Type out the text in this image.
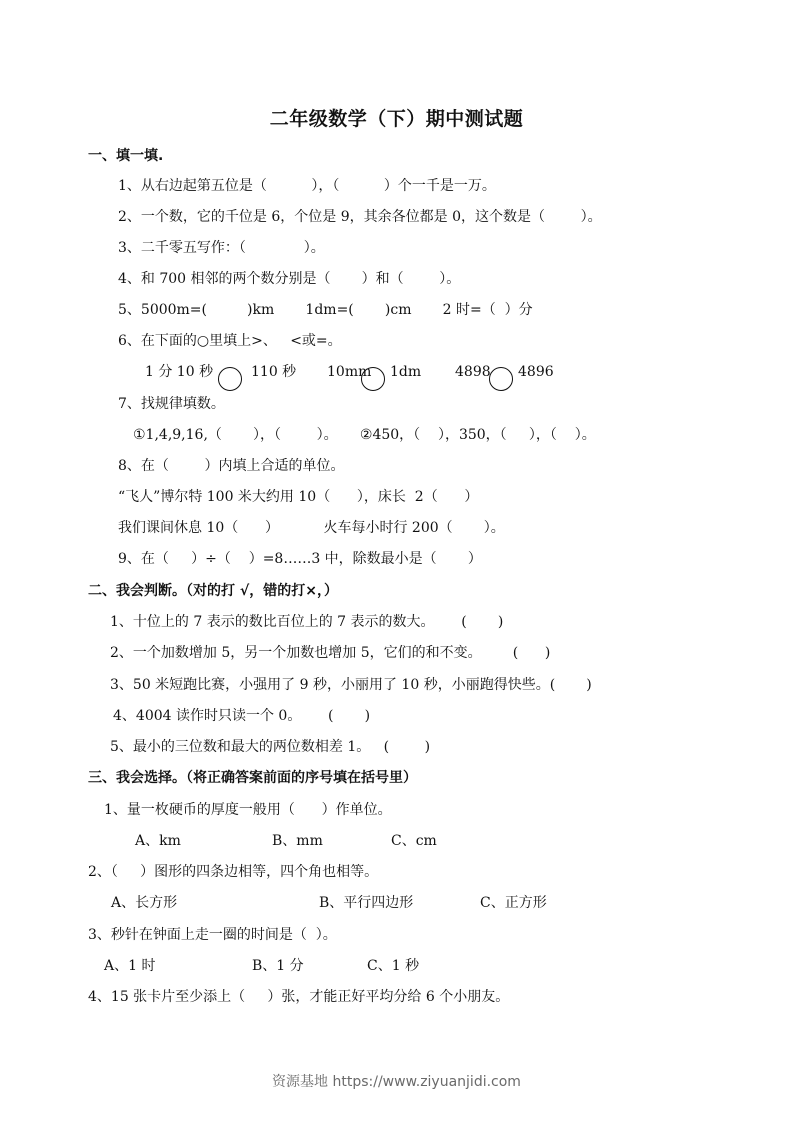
二年级数学（下）期中测试题
一、填一填.
1、从右边起第五位是（          ），（          ）个一千是一万。
2、一个数，它的千位是 6，个位是 9，其余各位都是 0，这个数是（        ）。
3、二千零五写作：（             ）。
4、和 700 相邻的两个数分别是（       ）和（        ）。
5、5000m=(         )km       1dm=(       )cm       2 时=（  ）分
6、在下面的○里填上>、   <或=。
1 分 10 秒	110 秒 10mm 1dm 4898 4896
7、找规律填数。
①1,4,9,16,（       ），（        ）。     ②450，（    ），350，（     ），（    ）。
8、在（        ）内填上合适的单位。
“飞人”博尔特 100 米大约用 10（      ），床长  2（      ）
我们课间休息 10（      ）          火车每小时行 200（       ）。
9、在（     ）÷（    ）=8……3 中，除数最小是（       ）
二、我会判断。（对的打 √，错的打×，）
1、十位上的 7 表示的数比百位上的 7 表示的数大。      (       )
2、一个加数增加 5，另一个加数也增加 5，它们的和不变。       (      )
3、50 米短跑比赛，小强用了 9 秒，小丽用了 10 秒，小丽跑得快些。(       )
4、4004 读作时只读一个 0。      (       )
5、最小的三位数和最大的两位数相差 1。   (        )
三、我会选择。（将正确答案前面的序号填在括号里）
1、量一枚硬币的厚度一般用（      ）作单位。
A、km	B、mm	C、cm
2、（     ）图形的四条边相等，四个角也相等。
A、长方形	B、平行四边形	C、正方形
3、秒针在钟面上走一圈的时间是（  ）。
A、1 时	B、1 分	C、1 秒
4、15 张卡片至少添上（     ）张，才能正好平均分给 6 个小朋友。
资源基地 https://www.ziyuanjidi.com
